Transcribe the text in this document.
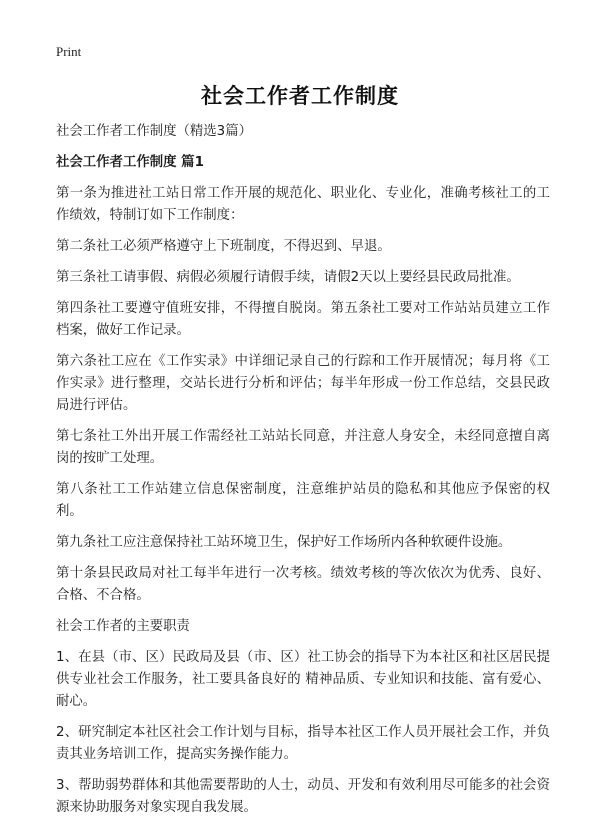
Print
社会工作者工作制度

社会工作者工作制度（精选3篇）

社会工作者工作制度 篇1

第一条为推进社工站日常工作开展的规范化、职业化、专业化，准确考核社工的工作绩效，特制订如下工作制度：

第二条社工必须严格遵守上下班制度，不得迟到、早退。

第三条社工请事假、病假必须履行请假手续，请假2天以上要经县民政局批准。

第四条社工要遵守值班安排，不得擅自脱岗。第五条社工要对工作站站员建立工作档案，做好工作记录。

第六条社工应在《工作实录》中详细记录自己的行踪和工作开展情况；每月将《工作实录》进行整理，交站长进行分析和评估；每半年形成一份工作总结，交县民政局进行评估。

第七条社工外出开展工作需经社工站站长同意，并注意人身安全，未经同意擅自离岗的按旷工处理。

第八条社工工作站建立信息保密制度，注意维护站员的隐私和其他应予保密的权利。

第九条社工应注意保持社工站环境卫生，保护好工作场所内各种软硬件设施。

第十条县民政局对社工每半年进行一次考核。绩效考核的等次依次为优秀、良好、合格、不合格。

社会工作者的主要职责

1、在县（市、区）民政局及县（市、区）社工协会的指导下为本社区和社区居民提供专业社会工作服务，社工要具备良好的 精神品质、专业知识和技能、富有爱心、耐心。

2、研究制定本社区社会工作计划与目标，指导本社区工作人员开展社会工作，并负责其业务培训工作，提高实务操作能力。

3、帮助弱势群体和其他需要帮助的人士，动员、开发和有效利用尽可能多的社会资源来协助服务对象实现自我发展。
